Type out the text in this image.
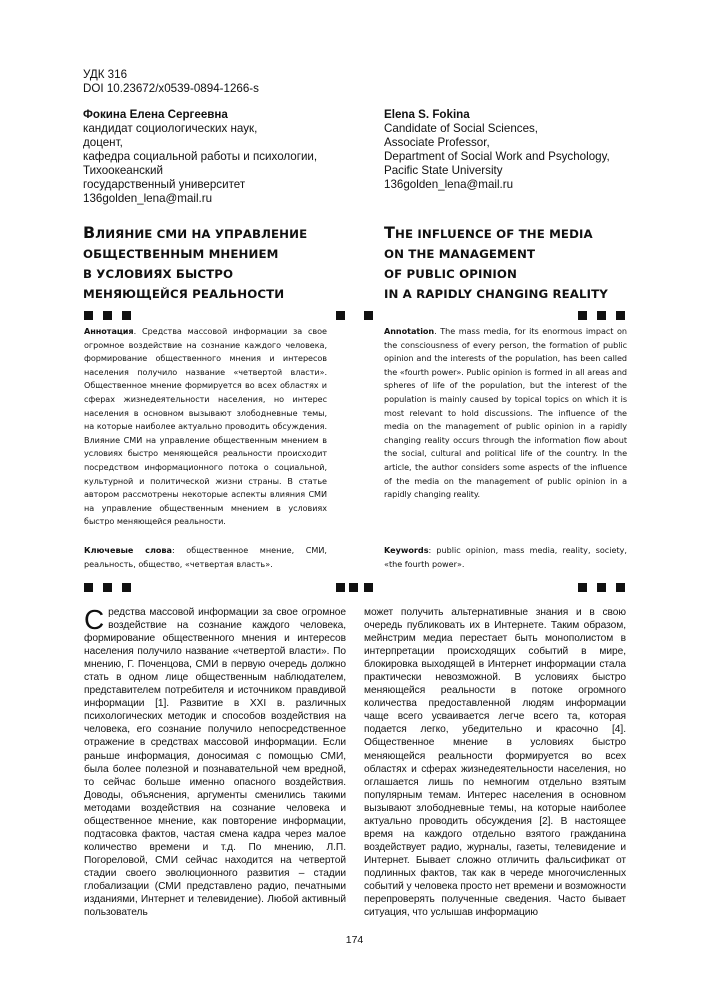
УДК 316
DOI 10.23672/x0539-0894-1266-s
Фокина Елена Сергеевна
кандидат социологических наук,
доцент,
кафедра социальной работы и психологии,
Тихоокеанский
государственный университет
136golden_lena@mail.ru
Elena S. Fokina
Candidate of Social Sciences,
Associate Professor,
Department of Social Work and Psychology,
Pacific State University
136golden_lena@mail.ru
ВЛИЯНИЕ СМИ НА УПРАВЛЕНИЕ
ОБЩЕСТВЕННЫМ МНЕНИЕМ
В УСЛОВИЯХ БЫСТРО
МЕНЯЮЩЕЙСЯ РЕАЛЬНОСТИ
THE INFLUENCE OF THE MEDIA
ON THE MANAGEMENT
OF PUBLIC OPINION
IN A RAPIDLY CHANGING REALITY
Аннотация. Средства массовой информации за свое огромное воздействие на сознание каждого человека, формирование общественного мнения и интересов населения получило название «четвертой власти». Общественное мнение формируется во всех областях и сферах жизнедеятельности населения, но интерес населения в основном вызывают злободневные темы, на которые наиболее актуально проводить обсуждения. Влияние СМИ на управление общественным мнением в условиях быстро меняющейся реальности происходит посредством информационного потока о социальной, культурной и политической жизни страны. В статье автором рассмотрены некоторые аспекты влияния СМИ на управление общественным мнением в условиях быстро меняющейся реальности.
Annotation. The mass media, for its enormous impact on the consciousness of every person, the formation of public opinion and the interests of the population, has been called the «fourth power». Public opinion is formed in all areas and spheres of life of the population, but the interest of the population is mainly caused by topical topics on which it is most relevant to hold discussions. The influence of the media on the management of public opinion in a rapidly changing reality occurs through the information flow about the social, cultural and political life of the country. In the article, the author considers some aspects of the influence of the media on the management of public opinion in a rapidly changing reality.
Ключевые слова: общественное мнение, СМИ, реальность, общество, «четвертая власть».
Keywords: public opinion, mass media, reality, society, «the fourth power».
Средства массовой информации за свое огромное воздействие на сознание каждого человека, формирование общественного мнения и интересов населения получило название «четвертой власти». По мнению, Г. Поченцова, СМИ в первую очередь должно стать в одном лице общественным наблюдателем, представителем потребителя и источником правдивой информации [1]. Развитие в XXI в. различных психологических методик и способов воздействия на человека, его сознание получило непосредственное отражение в средствах массовой информации. Если раньше информация, доносимая с помощью СМИ, была более полезной и познавательной чем вредной, то сейчас больше именно опасного воздействия. Доводы, объяснения, аргументы сменились такими методами воздействия на сознание человека и общественное мнение, как повторение информации, подтасовка фактов, частая смена кадра через малое количество времени и т.д. По мнению, Л.П. Погореловой, СМИ сейчас находится на четвертой стадии своего эволюционного развития – стадии глобализации (СМИ представлено радио, печатными изданиями, Интернет и телевидение). Любой активный пользователь
может получить альтернативные знания и в свою очередь публиковать их в Интернете. Таким образом, мейнстрим медиа перестает быть монополистом в интерпретации происходящих событий в мире, блокировка выходящей в Интернет информации стала практически невозможной. В условиях быстро меняющейся реальности в потоке огромного количества предоставленной людям информации чаще всего усваивается легче всего та, которая подается легко, убедительно и красочно [4]. Общественное мнение в условиях быстро меняющейся реальности формируется во всех областях и сферах жизнедеятельности населения, но оглашается лишь по немногим отдельно взятым популярным темам. Интерес населения в основном вызывают злободневные темы, на которые наиболее актуально проводить обсуждения [2]. В настоящее время на каждого отдельно взятого гражданина воздействует радио, журналы, газеты, телевидение и Интернет. Бывает сложно отличить фальсификат от подлинных фактов, так как в череде многочисленных событий у человека просто нет времени и возможности перепроверять полученные сведения. Часто бывает ситуация, что услышав информацию
174
